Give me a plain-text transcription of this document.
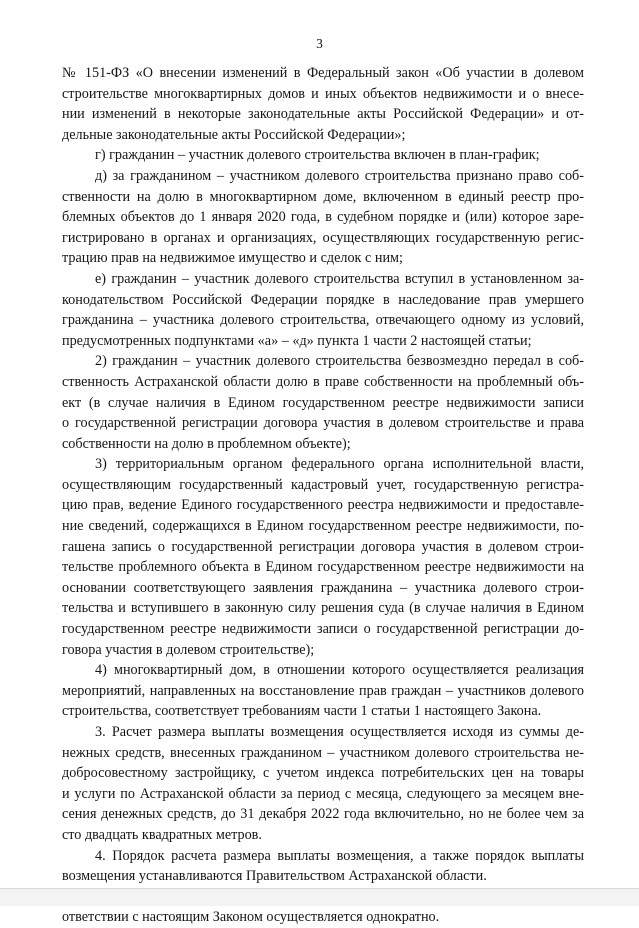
3
№ 151-ФЗ «О внесении изменений в Федеральный закон «Об участии в долевом
строительстве многоквартирных домов и иных объектов недвижимости и о внесе-
нии изменений в некоторые законодательные акты Российской Федерации» и от-
дельные законодательные акты Российской Федерации»;
г) гражданин – участник долевого строительства включен в план-график;
д) за гражданином – участником долевого строительства признано право соб-
ственности на долю в многоквартирном доме, включенном в единый реестр про-
блемных объектов до 1 января 2020 года, в судебном порядке и (или) которое заре-
гистрировано в органах и организациях, осуществляющих государственную регис-
трацию прав на недвижимое имущество и сделок с ним;
е) гражданин – участник долевого строительства вступил в установленном за-
конодательством Российской Федерации порядке в наследование прав умершего
гражданина – участника долевого строительства, отвечающего одному из условий,
предусмотренных подпунктами «а» – «д» пункта 1 части 2 настоящей статьи;
2) гражданин – участник долевого строительства безвозмездно передал в соб-
ственность Астраханской области долю в праве собственности на проблемный объ-
ект (в случае наличия в Едином государственном реестре недвижимости записи
о государственной регистрации договора участия в долевом строительстве и права
собственности на долю в проблемном объекте);
3) территориальным органом федерального органа исполнительной власти,
осуществляющим государственный кадастровый учет, государственную регистра-
цию прав, ведение Единого государственного реестра недвижимости и предоставле-
ние сведений, содержащихся в Едином государственном реестре недвижимости, по-
гашена запись о государственной регистрации договора участия в долевом строи-
тельстве проблемного объекта в Едином государственном реестре недвижимости на
основании соответствующего заявления гражданина – участника долевого строи-
тельства и вступившего в законную силу решения суда (в случае наличия в Едином
государственном реестре недвижимости записи о государственной регистрации до-
говора участия в долевом строительстве);
4) многоквартирный дом, в отношении которого осуществляется реализация
мероприятий, направленных на восстановление прав граждан – участников долевого
строительства, соответствует требованиям части 1 статьи 1 настоящего Закона.
3. Расчет размера выплаты возмещения осуществляется исходя из суммы де-
нежных средств, внесенных гражданином – участником долевого строительства не-
добросовестному застройщику, с учетом индекса потребительских цен на товары
и услуги по Астраханской области за период с месяца, следующего за месяцем вне-
сения денежных средств, до 31 декабря 2022 года включительно, но не более чем за
сто двадцать квадратных метров.
4. Порядок расчета размера выплаты возмещения, а также порядок выплаты
возмещения устанавливаются Правительством Астраханской области.
ответствии с настоящим Законом осуществляется однократно.
